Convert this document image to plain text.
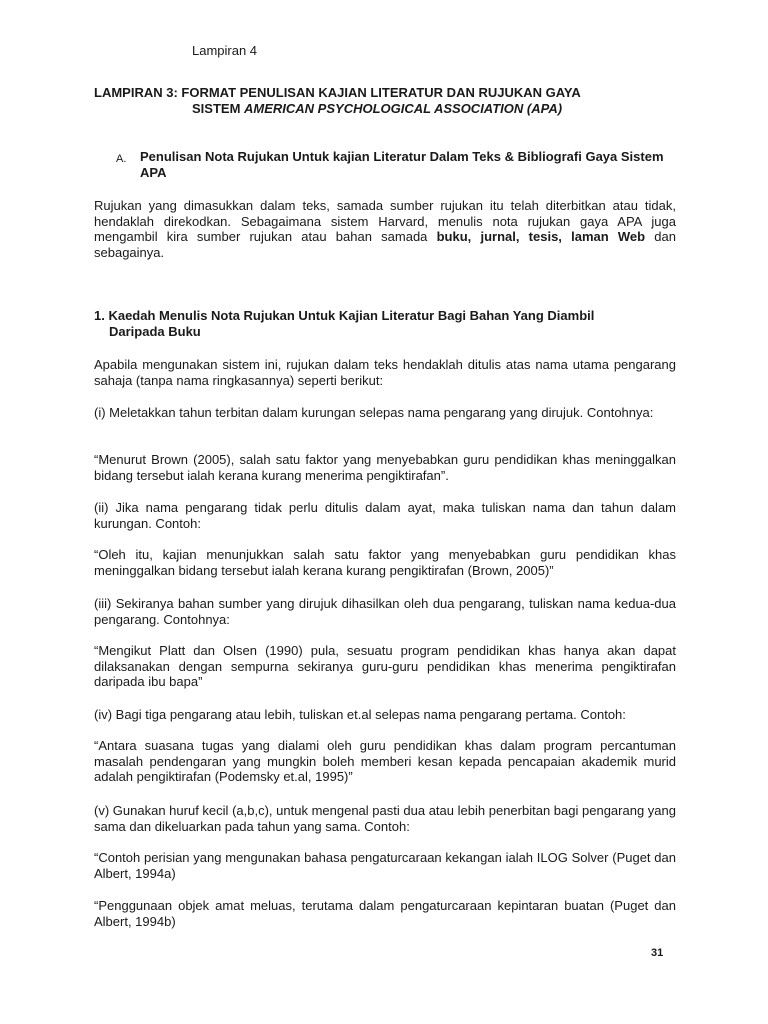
Lampiran 4

LAMPIRAN 3: FORMAT PENULISAN KAJIAN LITERATUR DAN RUJUKAN GAYA
SISTEM AMERICAN PSYCHOLOGICAL ASSOCIATION (APA)
A. Penulisan Nota Rujukan Untuk kajian Literatur Dalam Teks & Bibliografi Gaya Sistem APA

Rujukan yang dimasukkan dalam teks, samada sumber rujukan itu telah diterbitkan atau tidak, hendaklah direkodkan. Sebagaimana sistem Harvard, menulis nota rujukan gaya APA juga mengambil kira sumber rujukan atau bahan samada buku, jurnal, tesis, laman Web dan sebagainya.

1. Kaedah Menulis Nota Rujukan Untuk Kajian Literatur Bagi Bahan Yang Diambil
Daripada Buku

Apabila mengunakan sistem ini, rujukan dalam teks hendaklah ditulis atas nama utama pengarang sahaja (tanpa nama ringkasannya) seperti berikut:

(i) Meletakkan tahun terbitan dalam kurungan selepas nama pengarang yang dirujuk. Contohnya:

“Menurut Brown (2005), salah satu faktor yang menyebabkan guru pendidikan khas meninggalkan bidang tersebut ialah kerana kurang menerima pengiktirafan”.

(ii) Jika nama pengarang tidak perlu ditulis dalam ayat, maka tuliskan nama dan tahun dalam kurungan. Contoh:

“Oleh itu, kajian menunjukkan salah satu faktor yang menyebabkan guru pendidikan khas meninggalkan bidang tersebut ialah kerana kurang pengiktirafan (Brown, 2005)”

(iii) Sekiranya bahan sumber yang dirujuk dihasilkan oleh dua pengarang, tuliskan nama kedua-dua pengarang. Contohnya:

“Mengikut Platt dan Olsen (1990) pula, sesuatu program pendidikan khas hanya akan dapat dilaksanakan dengan sempurna sekiranya guru-guru pendidikan khas menerima pengiktirafan daripada ibu bapa”

(iv) Bagi tiga pengarang atau lebih, tuliskan et.al selepas nama pengarang pertama. Contoh:

“Antara suasana tugas yang dialami oleh guru pendidikan khas dalam program percantuman masalah pendengaran yang mungkin boleh memberi kesan kepada pencapaian akademik murid adalah pengiktirafan (Podemsky et.al, 1995)”

(v) Gunakan huruf kecil (a,b,c), untuk mengenal pasti dua atau lebih penerbitan bagi pengarang yang sama dan dikeluarkan pada tahun yang sama. Contoh:

“Contoh perisian yang mengunakan bahasa pengaturcaraan kekangan ialah ILOG Solver (Puget dan Albert, 1994a)

“Penggunaan objek amat meluas, terutama dalam pengaturcaraan kepintaran buatan (Puget dan Albert, 1994b)

31
